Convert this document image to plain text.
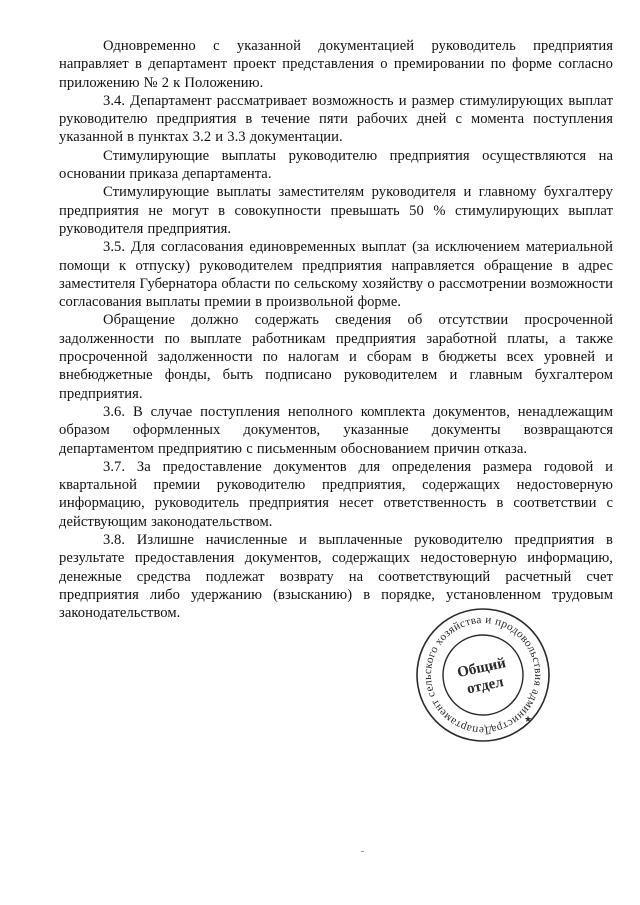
Одновременно с указанной документацией руководитель предприятия направляет в департамент проект представления о премировании по форме согласно приложению № 2 к Положению.

3.4. Департамент рассматривает возможность и размер стимулирующих выплат руководителю предприятия в течение пяти рабочих дней с момента поступления указанной в пунктах 3.2 и 3.3 документации.

Стимулирующие выплаты руководителю предприятия осуществляются на основании приказа департамента.

Стимулирующие выплаты заместителям руководителя и главному бухгалтеру предприятия не могут в совокупности превышать 50 % стимулирующих выплат руководителя предприятия.

3.5. Для согласования единовременных выплат (за исключением материальной помощи к отпуску) руководителем предприятия направляется обращение в адрес заместителя Губернатора области по сельскому хозяйству о рассмотрении возможности согласования выплаты премии в произвольной форме.

Обращение должно содержать сведения об отсутствии просроченной задолженности по выплате работникам предприятия заработной платы, а также просроченной задолженности по налогам и сборам в бюджеты всех уровней и внебюджетные фонды, быть подписано руководителем и главным бухгалтером предприятия.

3.6. В случае поступления неполного комплекта документов, ненадлежащим образом оформленных документов, указанные документы возвращаются департаментом предприятию с письменным обоснованием причин отказа.

3.7. За предоставление документов для определения размера годовой и квартальной премии руководителю предприятия, содержащих недостоверную информацию, руководитель предприятия несет ответственность в соответствии с действующим законодательством.

3.8. Излишне начисленные и выплаченные руководителю предприятия в результате предоставления документов, содержащих недостоверную информацию, денежные средства подлежат возврату на соответствующий расчетный счет предприятия либо удержанию (взысканию) в порядке, установленном трудовым законодательством.

Департамент сельского хозяйства и продовольствия администрации
Общий
отдел
★
